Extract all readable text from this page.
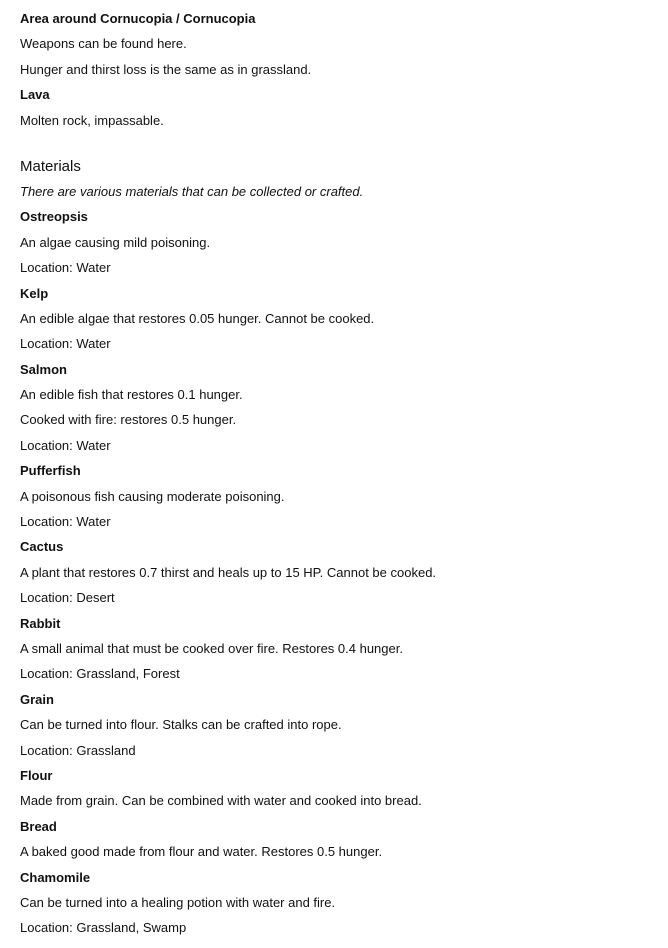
Area around Cornucopia / Cornucopia
Weapons can be found here.
Hunger and thirst loss is the same as in grassland.
Lava
Molten rock, impassable.
Materials
There are various materials that can be collected or crafted.
Ostreopsis
An algae causing mild poisoning.
Location: Water
Kelp
An edible algae that restores 0.05 hunger. Cannot be cooked.
Location: Water
Salmon
An edible fish that restores 0.1 hunger.
Cooked with fire: restores 0.5 hunger.
Location: Water
Pufferfish
A poisonous fish causing moderate poisoning.
Location: Water
Cactus
A plant that restores 0.7 thirst and heals up to 15 HP. Cannot be cooked.
Location: Desert
Rabbit
A small animal that must be cooked over fire. Restores 0.4 hunger.
Location: Grassland, Forest
Grain
Can be turned into flour. Stalks can be crafted into rope.
Location: Grassland
Flour
Made from grain. Can be combined with water and cooked into bread.
Bread
A baked good made from flour and water. Restores 0.5 hunger.
Chamomile
Can be turned into a healing potion with water and fire.
Location: Grassland, Swamp
